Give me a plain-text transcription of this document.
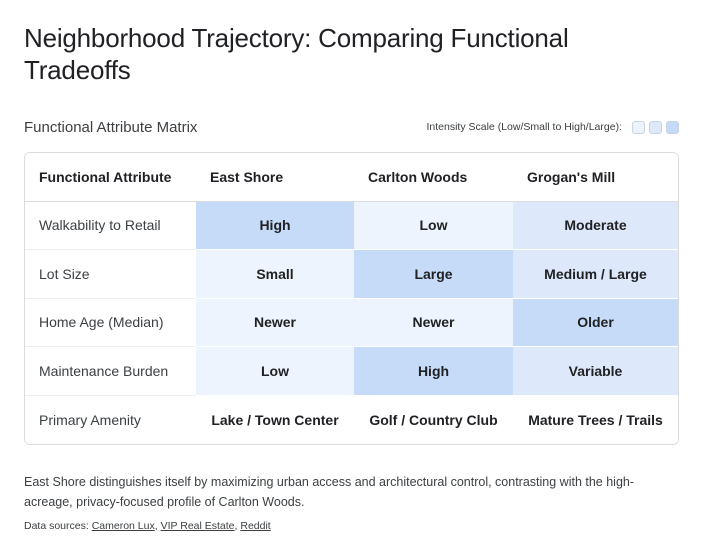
Neighborhood Trajectory: Comparing Functional Tradeoffs
Functional Attribute Matrix	Intensity Scale (Low/Small to High/Large):
Functional Attribute	East Shore	Carlton Woods	Grogan's Mill
Walkability to Retail	High	Low	Moderate
Lot Size	Small	Large	Medium / Large
Home Age (Median)	Newer	Newer	Older
Maintenance Burden	Low	High	Variable
Primary Amenity	Lake / Town Center	Golf / Country Club	Mature Trees / Trails

East Shore distinguishes itself by maximizing urban access and architectural control, contrasting with the high-acreage, privacy-focused profile of Carlton Woods.

Data sources: Cameron Lux, VIP Real Estate, Reddit
